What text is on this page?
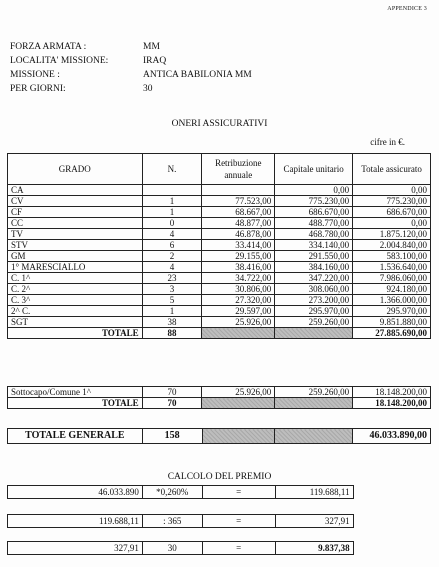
APPENDICE 3
FORZA ARMATA :	MM
LOCALITA' MISSIONE:	IRAQ
MISSIONE :	ANTICA BABILONIA MM
PER GIORNI:	30
ONERI ASSICURATIVI
cifre in €.
GRADO	N.	Retribuzione annuale	Capitale unitario	Totale assicurato
CA			0,00	0,00
CV	1	77.523,00	775.230,00	775.230,00
CF	1	68.667,00	686.670,00	686.670,00
CC	0	48.877,00	488.770,00	0,00
TV	4	46.878,00	468.780,00	1.875.120,00
STV	6	33.414,00	334.140,00	2.004.840,00
GM	2	29.155,00	291.550,00	583.100,00
1° MARESCIALLO	4	38.416,00	384.160,00	1.536.640,00
C. 1^	23	34.722,00	347.220,00	7.986.060,00
C. 2^	3	30.806,00	308.060,00	924.180,00
C. 3^	5	27.320,00	273.200,00	1.366.000,00
2^ C.	1	29.597,00	295.970,00	295.970,00
SGT	38	25.926,00	259.260,00	9.851.880,00
TOTALE	88			27.885.690,00
Sottocapo/Comune 1^	70	25.926,00	259.260,00	18.148.200,00
TOTALE	70			18.148.200,00
TOTALE GENERALE	158			46.033.890,00
CALCOLO DEL PREMIO
46.033.890	*0,260%	=	119.688,11	
119.688,11	: 365	=	327,91	
327,91	30	=	9.837,38	
